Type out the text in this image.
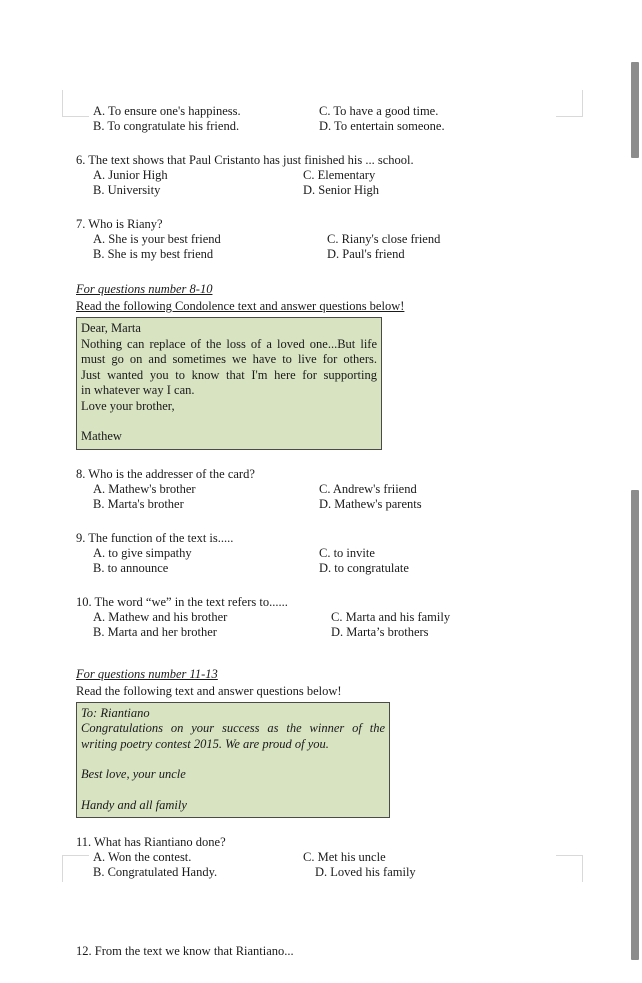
A. To ensure one's happiness.	C. To have a good time.
B. To congratulate his friend.	D. To entertain someone.
6. The text shows that Paul Cristanto has just finished his ... school.
A. Junior High	C. Elementary
B. University	D. Senior High
7. Who is Riany?
A. She is your best friend	C. Riany's close friend
B. She is my best friend	D. Paul's friend
For questions number 8-10
Read the following Condolence text and answer questions below!
Dear, Marta
Nothing can replace of the loss of a loved one...But life
must go on and sometimes we have to live for others.
Just wanted you to know that I'm here for supporting
in whatever way I can.
Love your brother,
Mathew
8. Who is the addresser of the card?
A. Mathew's brother	C. Andrew's friiend
B. Marta's brother	D. Mathew's parents
9. The function of the text is.....
A. to give simpathy	C. to invite
B. to announce	D. to congratulate
10. The word “we” in the text refers to......
A. Mathew and his brother	C. Marta and his family
B. Marta and her brother	D. Marta’s brothers
For questions number 11-13
Read the following text and answer questions below!
To: Riantiano
Congratulations on your success as the winner of the
writing poetry contest 2015. We are proud of you.
Best love, your uncle
Handy and all family
11. What has Riantiano done?
A. Won the contest.	C. Met his uncle
B. Congratulated Handy.	D. Loved his family
12. From the text we know that Riantiano...
